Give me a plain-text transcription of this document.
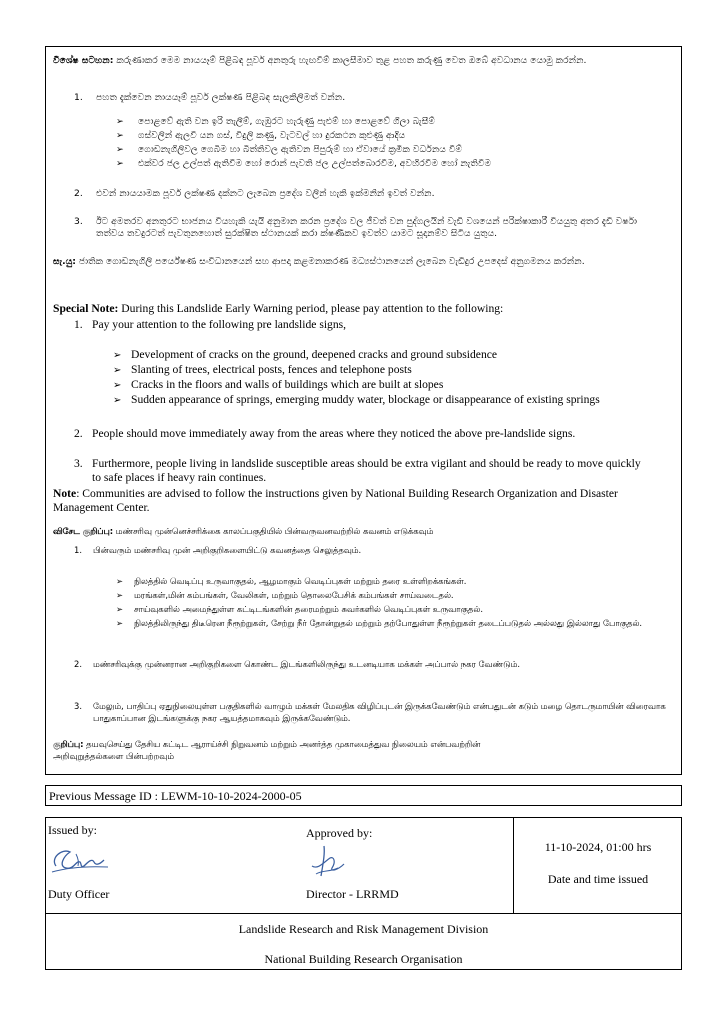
විශේෂ සටහන: කරුණාකර මෙම නායයෑම් පිළිබඳ පූර්ව අනතුරු හැඟවීම් කාලසීමාව තුළ පහත කරුණු වෙත ඔබේ අවධානය යොමු කරන්න.
1. පහත දැක්වෙන නායයෑම් පූර්ව ලක්ෂණ පිළිබඳ සැලකිලිමත් වන්න.
➢ පොළවේ ඇති වන ඉරි තැලීම්, ගැඹුරට හැරුණු පැළුම් හා පොළවේ ගිලා බැසීම්
➢ ගස්වලින් ඇලවී යන ගස්, විදුලි කණු, වැටවල් හා දුරකථන කුළුණු ආදිය
➢ ගොඩනැගිලිවල ගෙබිම හා බිත්තිවල ඇතිවන පිපුරුම් හා ඒවායේ ක්‍රමික වර්ධනය වීම්
➢ එක්වර ජල උල්පත් ඇතිවීම හෝ රොන් පැවති ජල උල්පත්බොරවීම, අවහිරවීම හෝ නැතිවීම
2. එවන් නායයාමක පූර්ව ලක්ෂණ දක්නට ලැබෙන ප්‍රදේශ වලින් හැකි ඉක්මනින් ඉවත් වන්න.
3. ඊට අමතරව අනතුරට භාජනය වියහැකි යැයි අනුමාන කරන ප්‍රදේශ වල ජීවත් වන පුද්ගලයින් වැඩි වශයෙන් පරික්ෂාකාරී වියයුතු අතර දැඩි වර්ෂා තත්වය තවදුරටත් පැවතුනහොත් සුරක්ෂිත ස්ථානයක් කරා ක්ෂණිකව ඉවත්ව යාමට සූදානම්ව සිටිය යුතුය.
සැ.යු: ජාතික ගොඩනැගිලි පර්යේෂණ සංවිධානයෙන් සහ ආපදා කළමනාකරණ මධ්‍යස්ථානයෙන් ලැබෙන වැඩිදුර උපදෙස් අනුගමනය කරන්න.
Special Note: During this Landslide Early Warning period, please pay attention to the following:
1. Pay your attention to the following pre landslide signs,
➢ Development of cracks on the ground, deepened cracks and ground subsidence
➢ Slanting of trees, electrical posts, fences and telephone posts
➢ Cracks in the floors and walls of buildings which are built at slopes
➢ Sudden appearance of springs, emerging muddy water, blockage or disappearance of existing springs
2. People should move immediately away from the areas where they noticed the above pre-landslide signs.
3. Furthermore, people living in landslide susceptible areas should be extra vigilant and should be ready to move quickly to safe places if heavy rain continues.
Note: Communities are advised to follow the instructions given by National Building Research Organization and Disaster Management Center.
விசேட குறிப்பு: மண்சரிவு முன்னெச்சரிக்கை காலப்பகுதியில் பின்வருவனவற்றில் கவனம் எடுக்கவும்
1. பின்வரும் மண்சரிவு முன் அறிகுறிகளையிட்டு கவனத்தை செலுத்தவும்.
➢ நிலத்தில் வெடிப்பு உருவாகுதல், ஆழமாகும் வெடிப்புகள் மற்றும் தரை உள்ளிறக்கங்கள்.
➢ மரங்கள்,மின் கம்பங்கள், வேலிகள், மற்றும் தொலைபேசிக் கம்பங்கள் சாய்வடைதல்.
➢ சாய்வுகளில் அமைந்துள்ள கட்டிடங்களின் தரைமற்றும் சுவர்களில் வெடிப்புகள் உருவாகுதல்.
➢ நிலத்திலிருந்து திடீரென நீரூற்றுகள், சேற்று நீர் தோன்றுதல் மற்றும் தற்போதுள்ள நீரூற்றுகள் தடைப்படுதல் அல்லது இல்லாது போகுதல்.
2. மண்சரிவுக்கு முன்னரான அறிகுறிகளை கொண்ட இடங்களிலிருந்து உடனடியாக மக்கள் அப்பால் நகர வேண்டும்.
3. மேலும், பாதிப்பு ஏதுநிலையுள்ள பகுதிகளில் வாழும் மக்கள் மேலதிக விழிப்புடன் இருக்கவேண்டும் என்பதுடன் கடும் மழை தொடருமாயின் விரைவாக பாதுகாப்பான இடங்களுக்கு நகர ஆயத்தமாகவும் இருக்கவேண்டும்.
குறிப்பு: தயவுசெய்து தேசிய கட்டிட ஆராய்ச்சி நிறுவனம் மற்றும் அனர்த்த முகாமைத்துவ நிலையம் என்பவற்றின் அறிவுறுத்தல்களை பின்பற்றவும்
Previous Message ID : LEWM-10-10-2024-2000-05
Issued by:
Duty Officer
Approved by:
Director - LRRMD
11-10-2024, 01:00 hrs
Date and time issued
Landslide Research and Risk Management Division
National Building Research Organisation
